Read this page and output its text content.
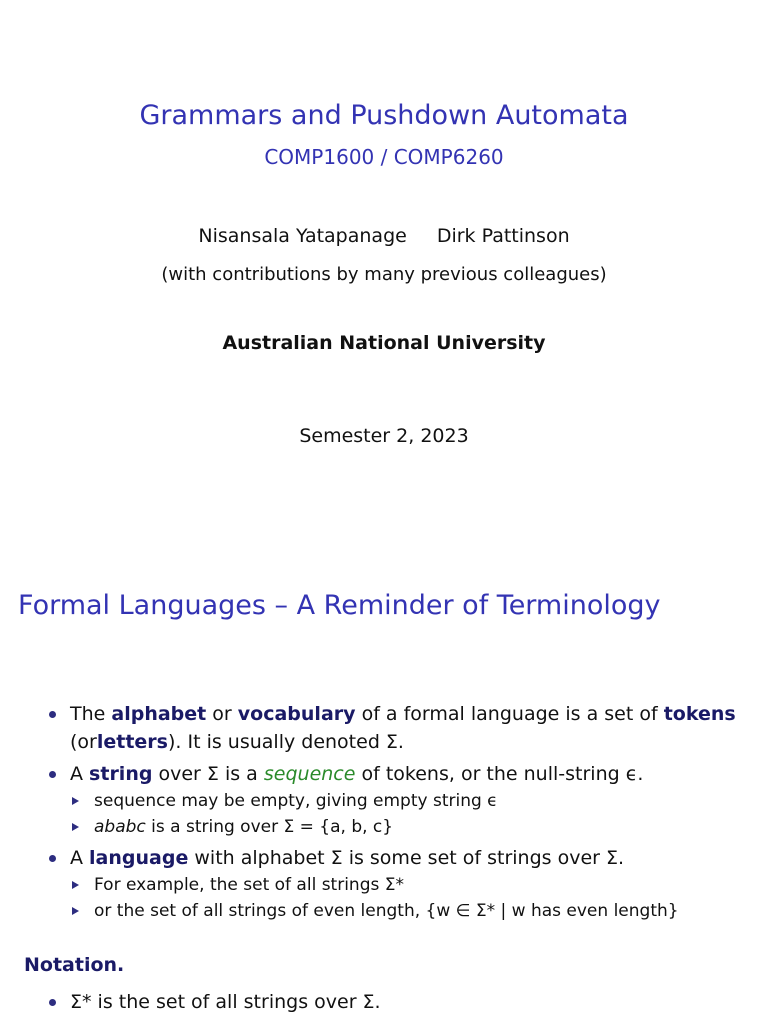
Grammars and Pushdown Automata
COMP1600 / COMP6260
Nisansala Yatapanage Dirk Pattinson
(with contributions by many previous colleagues)
Australian National University
Semester 2, 2023
Formal Languages – A Reminder of Terminology
The alphabet or vocabulary of a formal language is a set of tokens (orletters). It is usually denoted Σ.
A string over Σ is a sequence of tokens, or the null-string ϵ.
sequence may be empty, giving empty string ϵ
ababc is a string over Σ = {a, b, c}
A language with alphabet Σ is some set of strings over Σ.
For example, the set of all strings Σ*
or the set of all strings of even length, {w ∈ Σ* | w has even length}
Notation.
Σ* is the set of all strings over Σ.
